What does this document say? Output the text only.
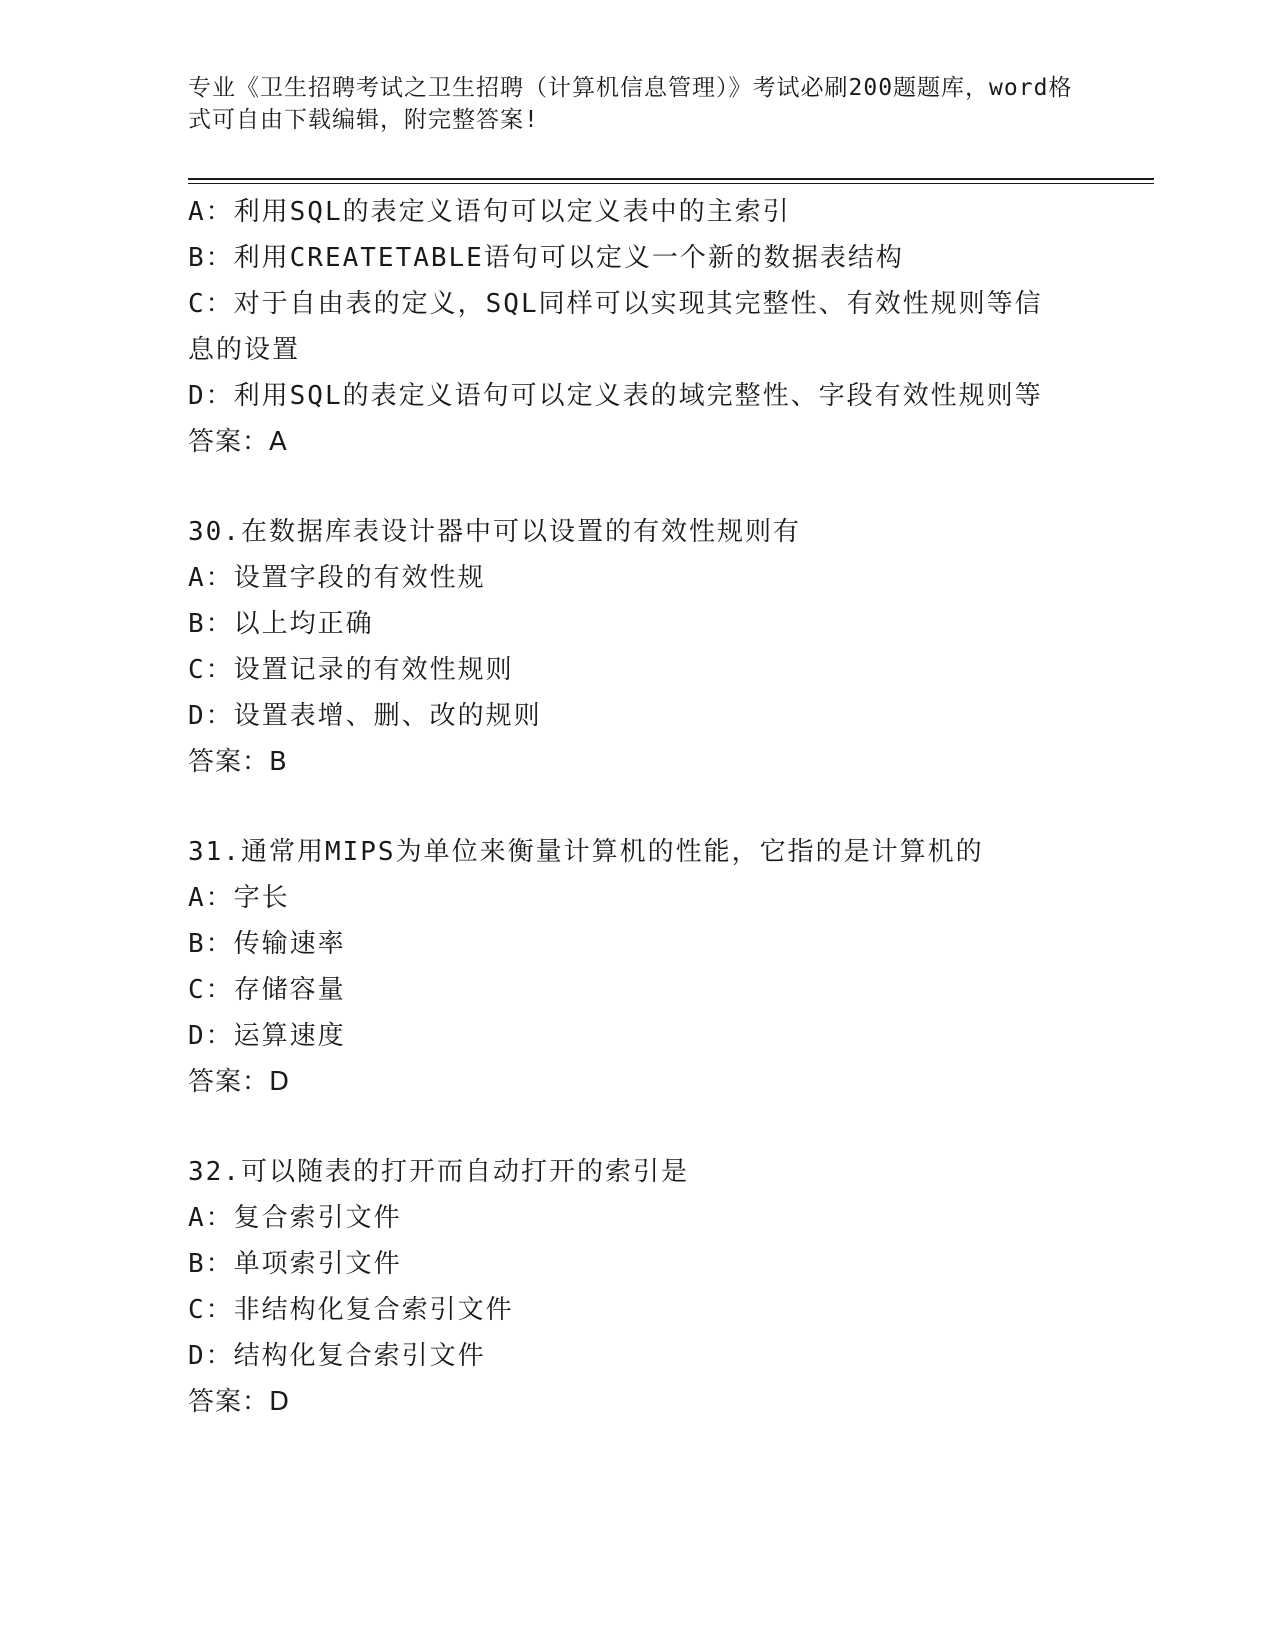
专业《卫生招聘考试之卫生招聘（计算机信息管理）》考试必刷200题题库，word格式可自由下载编辑，附完整答案!
A：利用SQL的表定义语句可以定义表中的主索引
B：利用CREATETABLE语句可以定义一个新的数据表结构
C：对于自由表的定义，SQL同样可以实现其完整性、有效性规则等信息的设置
D：利用SQL的表定义语句可以定义表的域完整性、字段有效性规则等
答案：A
30.在数据库表设计器中可以设置的有效性规则有
A：设置字段的有效性规
B：以上均正确
C：设置记录的有效性规则
D：设置表增、删、改的规则
答案：B
31.通常用MIPS为单位来衡量计算机的性能，它指的是计算机的
A：字长
B：传输速率
C：存储容量
D：运算速度
答案：D
32.可以随表的打开而自动打开的索引是
A：复合索引文件
B：单项索引文件
C：非结构化复合索引文件
D：结构化复合索引文件
答案：D
